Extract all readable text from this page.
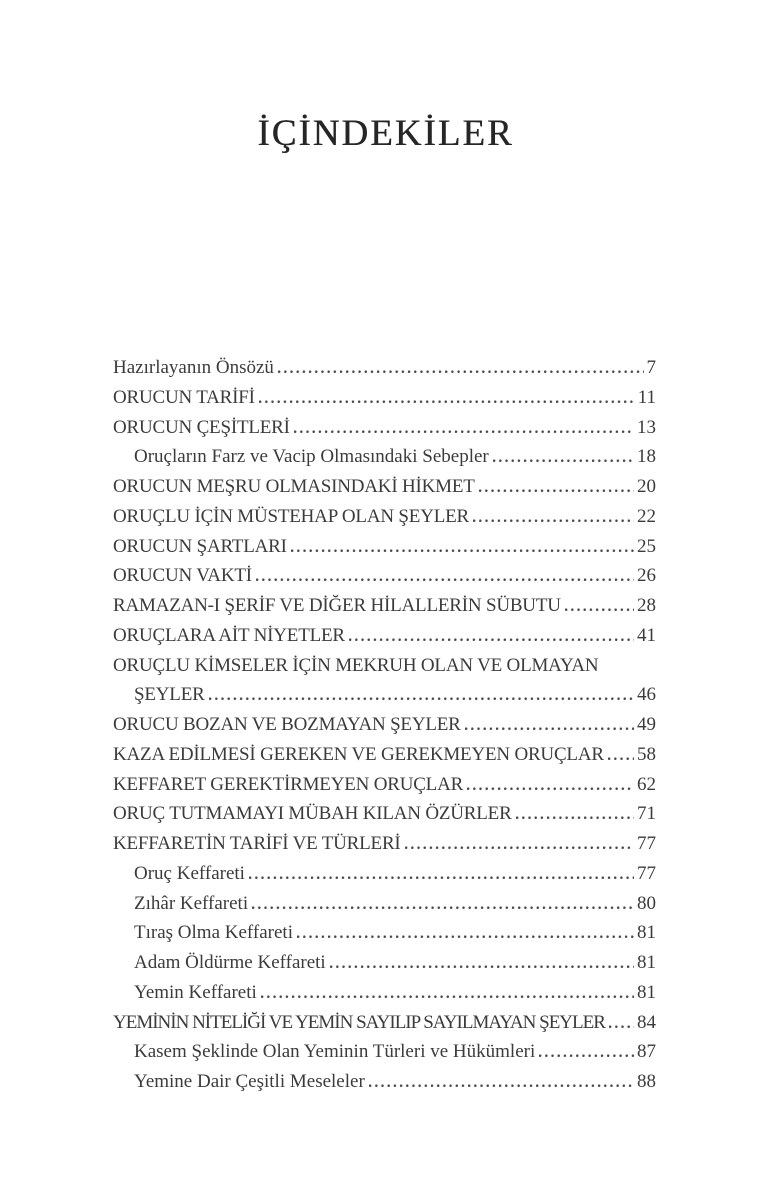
İÇİNDEKİLER
Hazırlayanın Önsözü	7
ORUCUN TARİFİ	11
ORUCUN ÇEŞİTLERİ	13
Oruçların Farz ve Vacip Olmasındaki Sebepler	18
ORUCUN MEŞRU OLMASINDAKİ HİKMET	20
ORUÇLU İÇİN MÜSTEHAP OLAN ŞEYLER	22
ORUCUN ŞARTLARI	25
ORUCUN VAKTİ	26
RAMAZAN-I ŞERİF VE DİĞER HİLALLERİN SÜBUTU	28
ORUÇLARA AİT NİYETLER	41
ORUÇLU KİMSELER İÇİN MEKRUH OLAN VE OLMAYAN
ŞEYLER	46
ORUCU BOZAN VE BOZMAYAN ŞEYLER	49
KAZA EDİLMESİ GEREKEN VE GEREKMEYEN ORUÇLAR 58
KEFFARET GEREKTİRMEYEN ORUÇLAR	62
ORUÇ TUTMAMAYI MÜBAH KILAN ÖZÜRLER	71
KEFFARETİN TARİFİ VE TÜRLERİ	77
Oruç Keffareti	77
Zıhâr Keffareti	80
Tıraş Olma Keffareti	81
Adam Öldürme Keffareti	81
Yemin Keffareti	81
YEMİNİN NİTELİĞİ VE YEMİN SAYILIP SAYILMAYAN ŞEYLER 84
Kasem Şeklinde Olan Yeminin Türleri ve Hükümleri	87
Yemine Dair Çeşitli Meseleler	88
